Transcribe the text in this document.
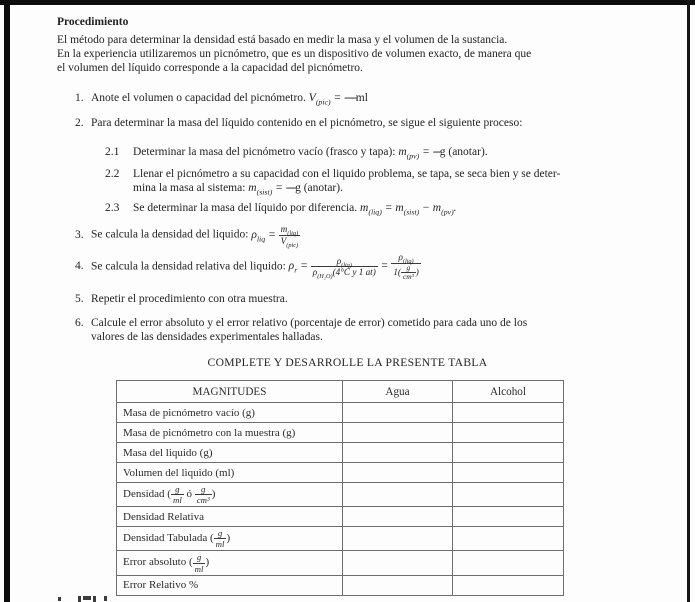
Procedimiento
El método para determinar la densidad está basado en medir la masa y el volumen de la sustancia.
En la experiencia utilizaremos un picnómetro, que es un dispositivo de volumen exacto, de manera que
el volumen del líquido corresponde a la capacidad del picnómetro.
1. Anote el volumen o capacidad del picnómetro. $V_{(pic)} = -----ml$
2. Para determinar la masa del líquido contenido en el picnómetro, se sigue el siguiente proceso:
2.1 Determinar la masa del picnómetro vacío (frasco y tapa): $m_{(pv)} = ---g$ (anotar).
2.2 Llenar el picnómetro a su capacidad con el liquido problema, se tapa, se seca bien y se deter-
mina la masa al sistema: $m_{(sist)} = ----g$ (anotar).
2.3 Se determinar la masa del líquido por diferencia. $m_{(liq)} = m_{(sist)} - m_{(pv)}$.
3. Se calcula la densidad del liquido: $\rho_{liq} = \frac{m_{(liq)}}{V_{(pic)}}$
4. Se calcula la densidad relativa del liquido: $\rho_r = \frac{\rho_{(liq)}}{\rho_{(H_2O)}(4^\circ C y 1 at)} = \frac{\rho_{(liq)}}{1( \frac{g}{\text{cm³}} )}$
5. Repetir el procedimiento con otra muestra.
6. Calcule el error absoluto y el error relativo (porcentaje de error) cometido para cada uno de los
valores de las densidades experimentales halladas.
COMPLETE Y DESARROLLE LA PRESENTE TABLA
MAGNITUDES	Agua	Alcohol
Masa de picnómetro vacío (g)		
Masa de picnómetro con la muestra (g)		
Masa del liquido (g)		
Volumen del liquido (ml)		
Densidad ( $\frac{g}{ml}$ ó $\frac{g}{\text{cm³}}$ )		
Densidad Relativa		
Densidad Tabulada ( $\frac{g}{ml}$ )		
Error absoluto ( $\frac{g}{ml}$ )		
Error Relativo %		
